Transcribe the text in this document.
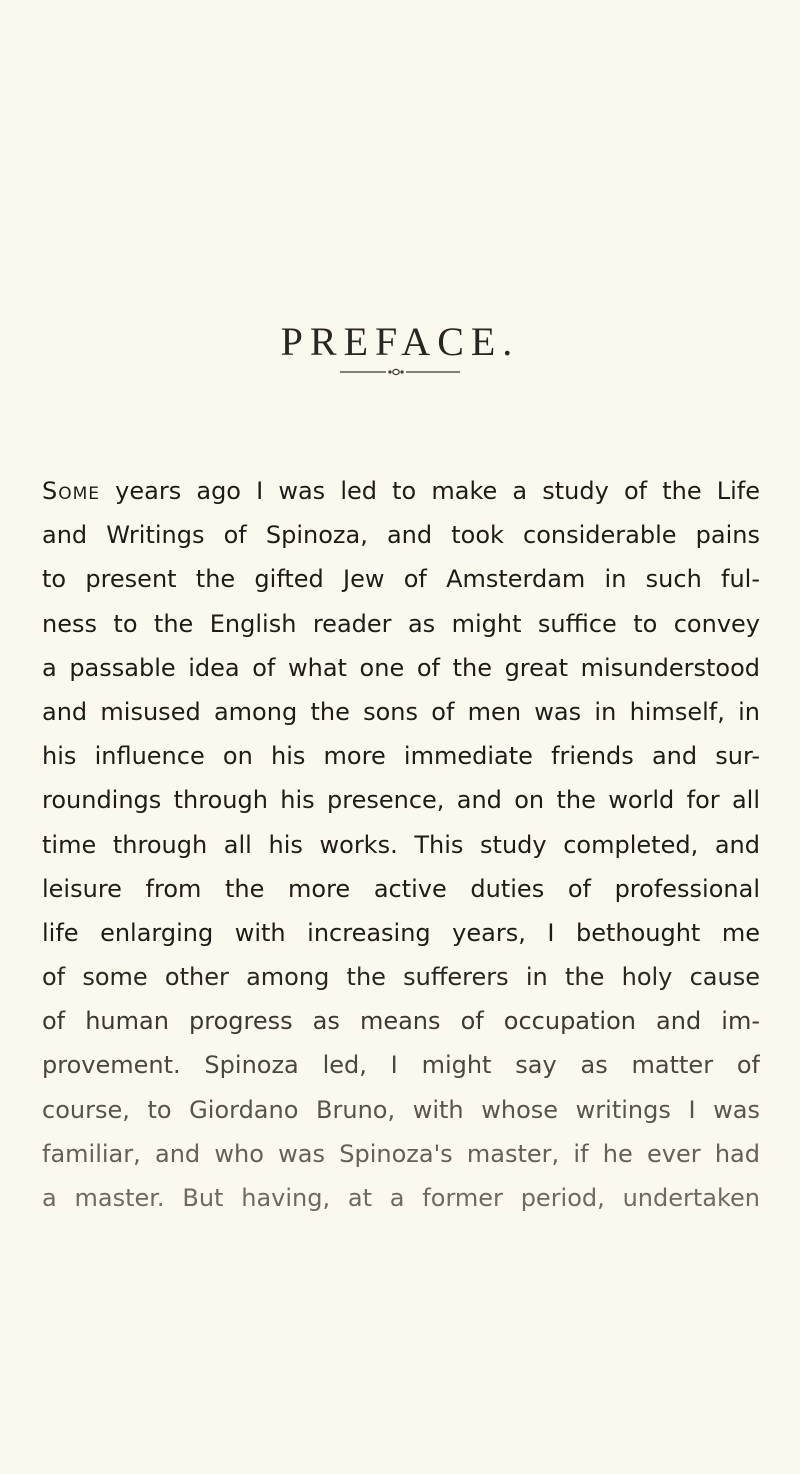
PREFACE.
Some years ago I was led to make a study of the Life
and Writings of Spinoza, and took considerable pains
to present the gifted Jew of Amsterdam in such ful-
ness to the English reader as might suffice to convey
a passable idea of what one of the great misunderstood
and misused among the sons of men was in himself, in
his influence on his more immediate friends and sur-
roundings through his presence, and on the world for all
time through all his works. This study completed, and
leisure from the more active duties of professional
life enlarging with increasing years, I bethought me
of some other among the sufferers in the holy cause
of human progress as means of occupation and im-
provement. Spinoza led, I might say as matter of
course, to Giordano Bruno, with whose writings I was
familiar, and who was Spinoza's master, if he ever had
a master. But having, at a former period, undertaken
